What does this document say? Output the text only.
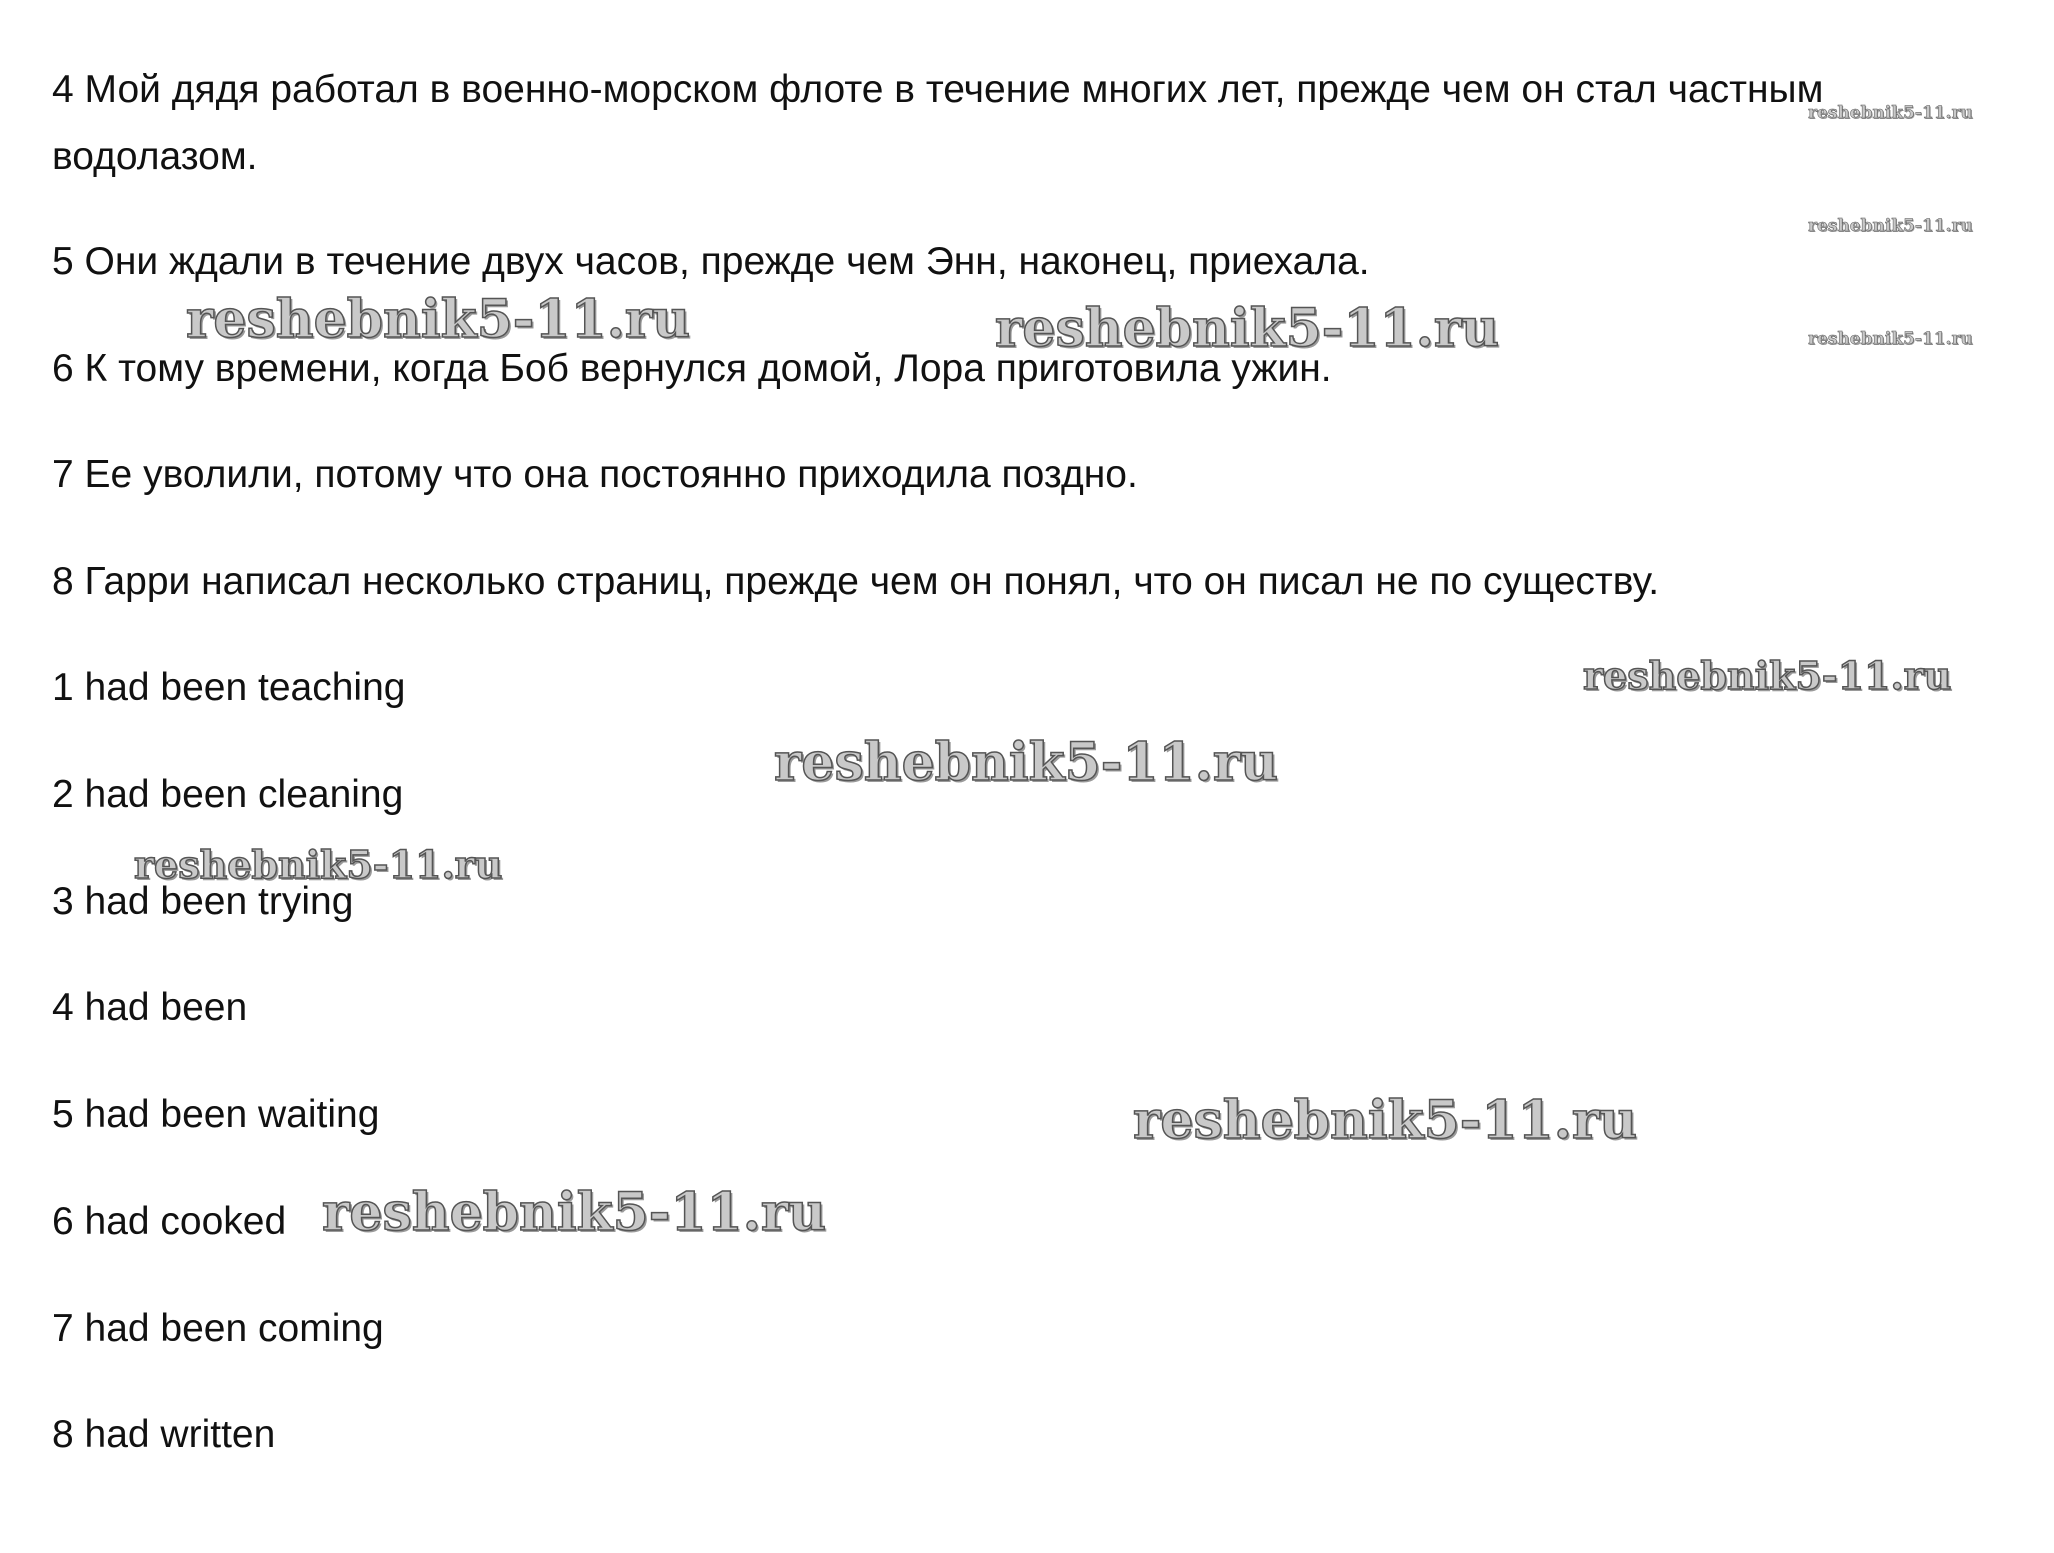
4 Мой дядя работал в военно-морском флоте в течение многих лет, прежде чем он стал частным
водолазом.
5 Они ждали в течение двух часов, прежде чем Энн, наконец, приехала.
6 К тому времени, когда Боб вернулся домой, Лора приготовила ужин.
7 Ее уволили, потому что она постоянно приходила поздно.
8 Гарри написал несколько страниц, прежде чем он понял, что он писал не по существу.
1 had been teaching
2 had been cleaning
3 had been trying
4 had been
5 had been waiting
6 had cooked
7 had been coming
8 had written
reshebnik5-11.ru
reshebnik5-11.ru
reshebnik5-11.ru
reshebnik5-11.ru	reshebnik5-11.ru
reshebnik5-11.ru
reshebnik5-11.ru
reshebnik5-11.ru
reshebnik5-11.ru
reshebnik5-11.ru
